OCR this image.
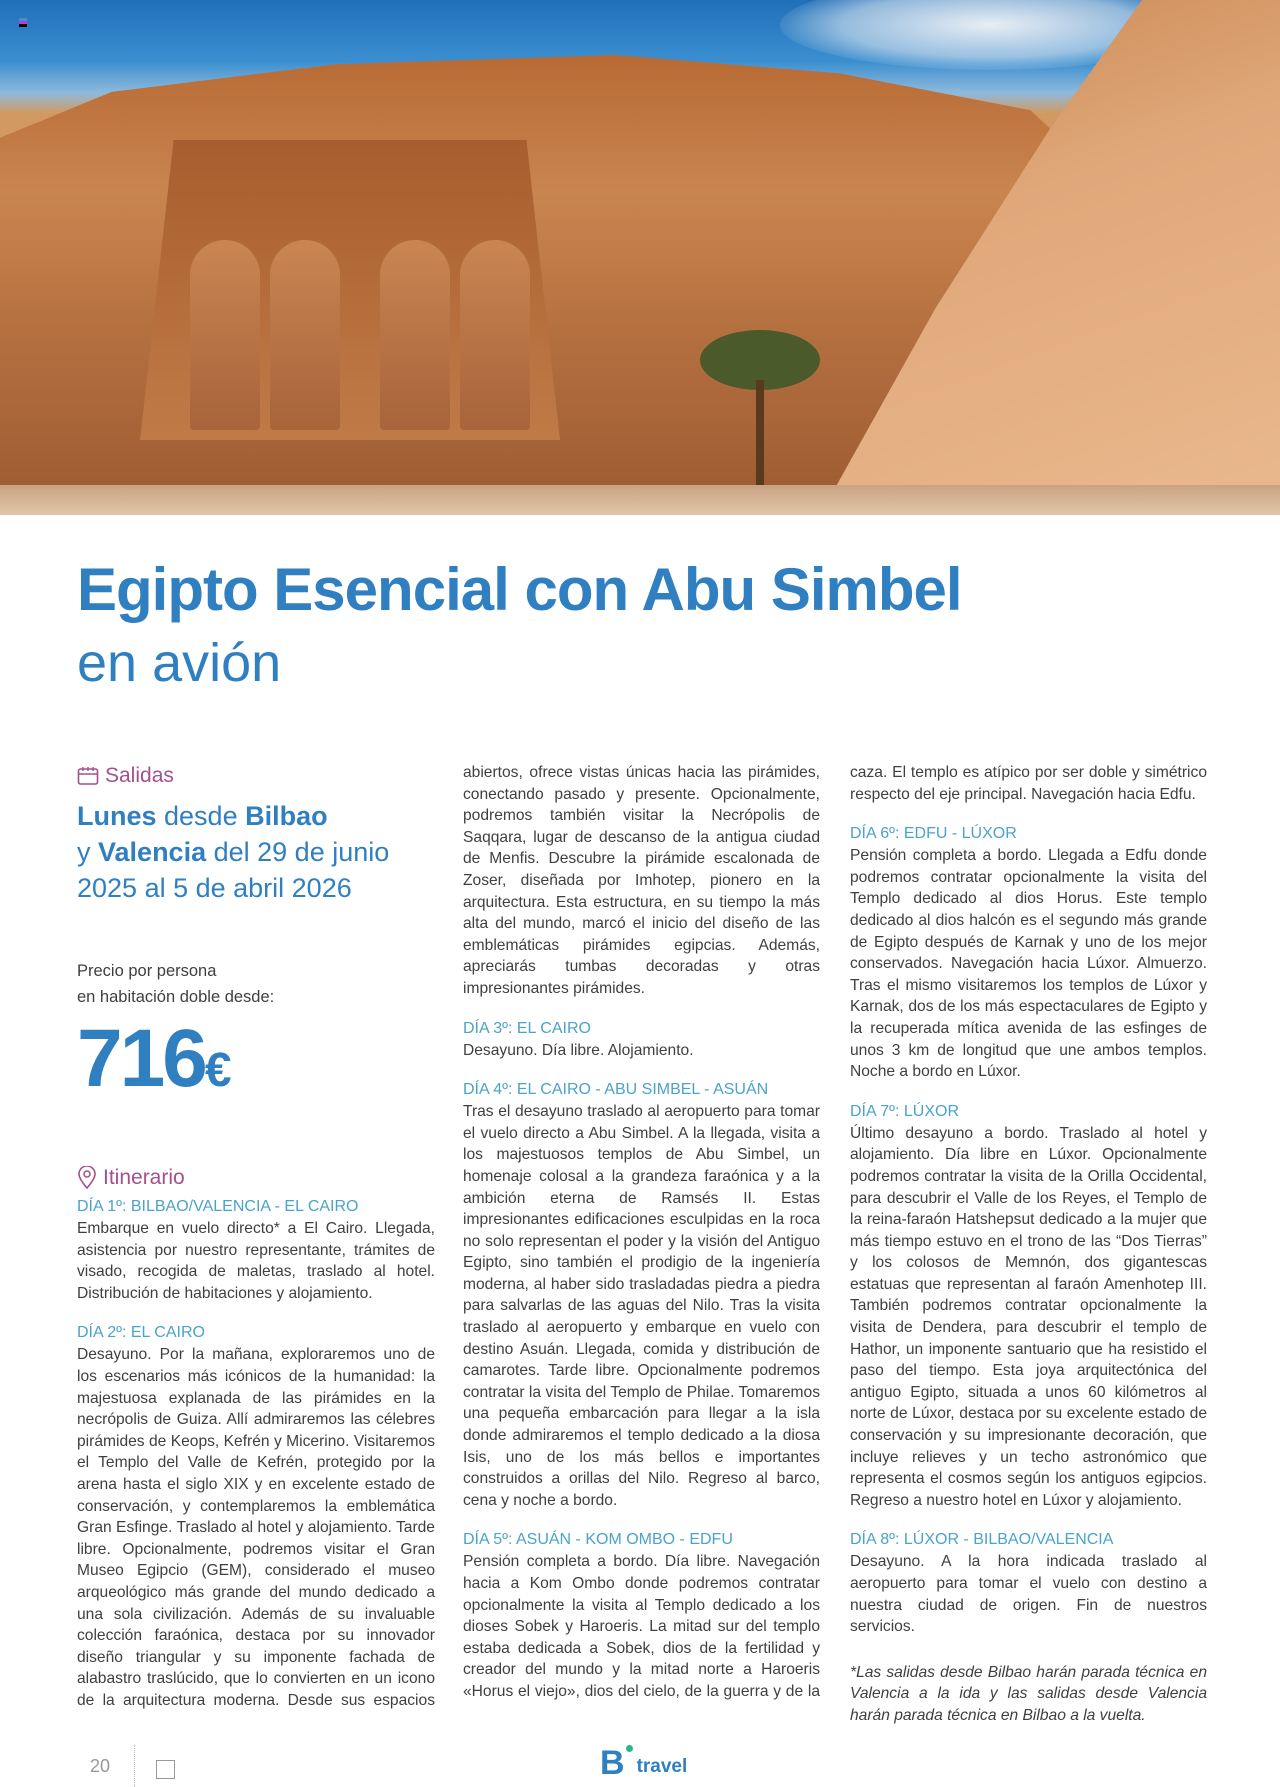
Egipto Esencial con Abu Simbel
en avión
Salidas
Lunes desde Bilbao
y Valencia del 29 de junio 2025 al 5 de abril 2026
Precio por persona
en habitación doble desde:
716€
Itinerario
DÍA 1º: BILBAO/VALENCIA - EL CAIRO

Embarque en vuelo directo* a El Cairo. Llegada, asistencia por nuestro representante, trámites de visado, recogida de maletas, traslado al hotel. Distribución de habitaciones y alojamiento.

DÍA 2º: EL CAIRO

Desayuno. Por la mañana, exploraremos uno de los escenarios más icónicos de la humanidad: la majestuosa explanada de las pirámides en la necrópolis de Guiza. Allí admiraremos las célebres pirámides de Keops, Kefrén y Micerino. Visitaremos el Templo del Valle de Kefrén, protegido por la arena hasta el siglo XIX y en excelente estado de conservación, y contemplaremos la emblemática Gran Esfinge. Traslado al hotel y alojamiento. Tarde libre. Opcionalmente, podremos visitar el Gran Museo Egipcio (GEM), considerado el museo arqueológico más grande del mundo dedicado a una sola civilización. Además de su invaluable colección faraónica, destaca por su innovador diseño triangular y su imponente fachada de alabastro traslúcido, que lo convierten en un icono de la arquitectura moderna. Desde sus espacios

abiertos, ofrece vistas únicas hacia las pirámides, conectando pasado y presente. Opcionalmente, podremos también visitar la Necrópolis de Saqqara, lugar de descanso de la antigua ciudad de Menfis. Descubre la pirámide escalonada de Zoser, diseñada por Imhotep, pionero en la arquitectura. Esta estructura, en su tiempo la más alta del mundo, marcó el inicio del diseño de las emblemáticas pirámides egipcias. Además, apreciarás tumbas decoradas y otras impresionantes pirámides.

DÍA 3º: EL CAIRO

Desayuno. Día libre. Alojamiento.

DÍA 4º: EL CAIRO - ABU SIMBEL - ASUÁN

Tras el desayuno traslado al aeropuerto para tomar el vuelo directo a Abu Simbel. A la llegada, visita a los majestuosos templos de Abu Simbel, un homenaje colosal a la grandeza faraónica y a la ambición eterna de Ramsés II. Estas impresionantes edificaciones esculpidas en la roca no solo representan el poder y la visión del Antiguo Egipto, sino también el prodigio de la ingeniería moderna, al haber sido trasladadas piedra a piedra para salvarlas de las aguas del Nilo. Tras la visita traslado al aeropuerto y embarque en vuelo con destino Asuán. Llegada, comida y distribución de camarotes. Tarde libre. Opcionalmente podremos contratar la visita del Templo de Philae. Tomaremos una pequeña embarcación para llegar a la isla donde admiraremos el templo dedicado a la diosa Isis, uno de los más bellos e importantes construidos a orillas del Nilo. Regreso al barco, cena y noche a bordo.

DÍA 5º: ASUÁN - KOM OMBO - EDFU

Pensión completa a bordo. Día libre. Navegación hacia a Kom Ombo donde podremos contratar opcionalmente la visita al Templo dedicado a los dioses Sobek y Haroeris. La mitad sur del templo estaba dedicada a Sobek, dios de la fertilidad y creador del mundo y la mitad norte a Haroeris «Horus el viejo», dios del cielo, de la guerra y de la

caza. El templo es atípico por ser doble y simétrico respecto del eje principal. Navegación hacia Edfu.

DÍA 6º: EDFU - LÚXOR

Pensión completa a bordo. Llegada a Edfu donde podremos contratar opcionalmente la visita del Templo dedicado al dios Horus. Este templo dedicado al dios halcón es el segundo más grande de Egipto después de Karnak y uno de los mejor conservados. Navegación hacia Lúxor. Almuerzo. Tras el mismo visitaremos los templos de Lúxor y Karnak, dos de los más espectaculares de Egipto y la recuperada mítica avenida de las esfinges de unos 3 km de longitud que une ambos templos. Noche a bordo en Lúxor.

DÍA 7º: LÚXOR

Último desayuno a bordo. Traslado al hotel y alojamiento. Día libre en Lúxor. Opcionalmente podremos contratar la visita de la Orilla Occidental, para descubrir el Valle de los Reyes, el Templo de la reina-faraón Hatshepsut dedicado a la mujer que más tiempo estuvo en el trono de las “Dos Tierras” y los colosos de Memnón, dos gigantescas estatuas que representan al faraón Amenhotep III. También podremos contratar opcionalmente la visita de Dendera, para descubrir el templo de Hathor, un imponente santuario que ha resistido el paso del tiempo. Esta joya arquitectónica del antiguo Egipto, situada a unos 60 kilómetros al norte de Lúxor, destaca por su excelente estado de conservación y su impresionante decoración, que incluye relieves y un techo astronómico que representa el cosmos según los antiguos egipcios. Regreso a nuestro hotel en Lúxor y alojamiento.

DÍA 8º: LÚXOR - BILBAO/VALENCIA

Desayuno. A la hora indicada traslado al aeropuerto para tomar el vuelo con destino a nuestra ciudad de origen. Fin de nuestros servicios.

*Las salidas desde Bilbao harán parada técnica en Valencia a la ida y las salidas desde Valencia harán parada técnica en Bilbao a la vuelta.

20	B travel
